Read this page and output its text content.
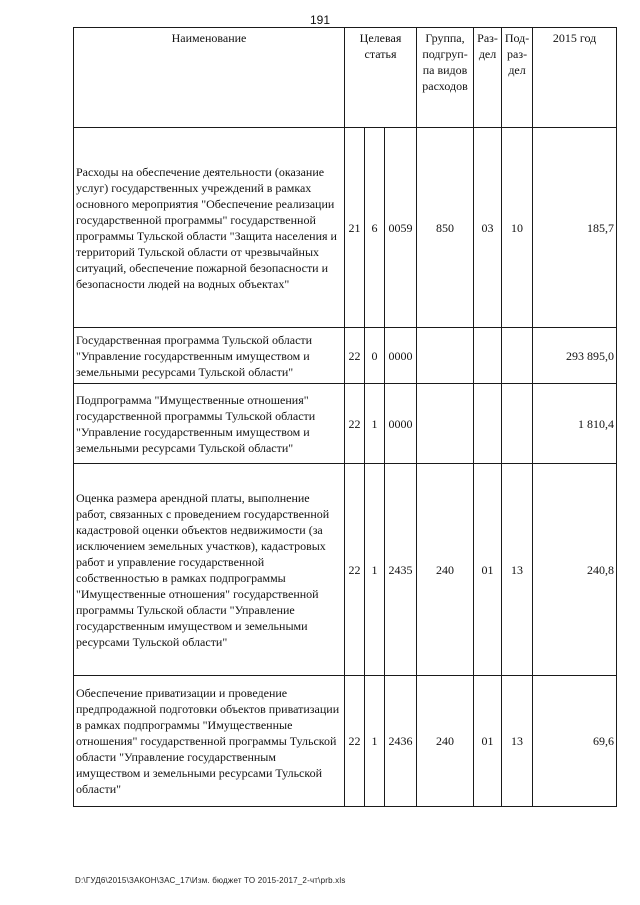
191
Наименование	Целевая статья			Группа, подгруп- па видов расходов	Раз- дел	Под- раз- дел	2015 год
Расходы на обеспечение деятельности (оказание услуг) государственных учреждений в рамках основного мероприятия "Обеспечение реализации государственной программы" государственной программы Тульской области "Защита населения и территорий Тульской области от чрезвычайных ситуаций, обеспечение пожарной безопасности и безопасности людей на водных объектах"	21	6	0059	850	03	10	185,7
Государственная программа Тульской области "Управление государственным имуществом и земельными ресурсами Тульской области"	22	0	0000				293 895,0
Подпрограмма "Имущественные отношения" государственной программы Тульской области "Управление государственным имуществом и земельными ресурсами Тульской области"	22	1	0000				1 810,4
Оценка размера арендной платы, выполнение работ, связанных с проведением государственной кадастровой оценки объектов недвижимости (за исключением земельных участков), кадастровых работ и управление государственной собственностью в рамках подпрограммы "Имущественные отношения" государственной программы Тульской области "Управление государственным имуществом и земельными ресурсами Тульской области"	22	1	2435	240	01	13	240,8
Обеспечение приватизации и проведение предпродажной подготовки объектов приватизации в рамках подпрограммы "Имущественные отношения" государственной программы Тульской области "Управление государственным имуществом и земельными ресурсами Тульской области"	22	1	2436	240	01	13	69,6
D:\ГУД6\2015\ЗАКОН\ЗАС_17\Изм. бюджет ТО 2015-2017_2-чт\prb.xls
